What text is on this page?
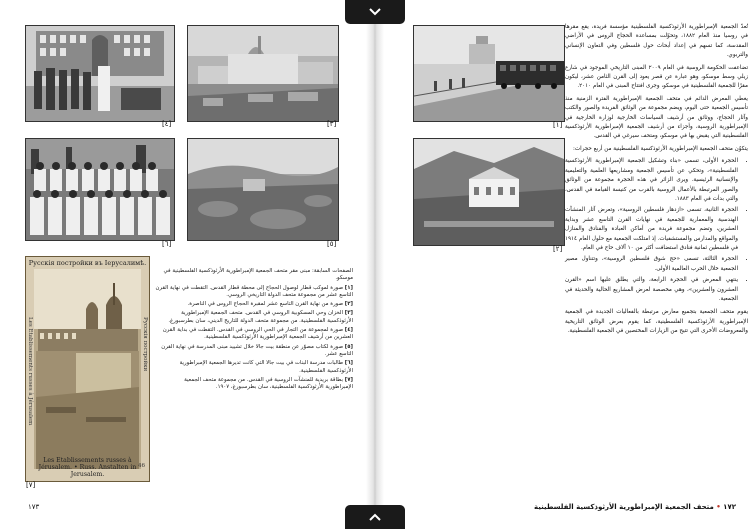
[٤]	[٣]
[٦]	[٥]
Русскія постройки въ Іерусалимѣ.
Les Etablissements russes à Jérusalem	Русскія постройки
Les Etablissements russes à Jérusalem. • Russ. Anstalten in Jerusalem.
46
[٧]

الصفحات السابقة: مبنى مقر متحف الجمعية الإمبراطورية الأرثوذكسية الفلسطينية في موسكو.

[١] صورة لموكب قطار لوصول الحجاج إلى محطة قطار القدس. التقطت في نهاية القرن التاسع عشر من مجموعة متحف الدولة التاريخي الروسي.

[٢] صورة من نهاية القرن التاسع عشر لمقبرة الحجاج الروس في الناصرة.

[٣] الخزان وحي المسكوبية الروسي في القدس. متحف الجمعية الإمبراطورية الأرثوذكسية الفلسطينية. من مجموعة متحف الدولة للتاريخ الديني، سان بطرسبورغ.

[٤] صورة لمجموعة من التجار في الحي الروسي في القدس. التقطت في بداية القرن العشرين من أرشيف الجمعية الإمبراطورية الأرثوذكسية الفلسطينية.

[٥] صورة لكتاب مصوّر عن منطقة بيت جالا خلال تشييد مبنى المدرسة في نهاية القرن التاسع عشر.

[٦] طالبات مدرسة البنات في بيت جالا التي كانت تديرها الجمعية الإمبراطورية الأرثوذكسية الفلسطينية.

[٧] بطاقة بريدية للمنشآت الروسية في القدس. من مجموعة متحف الجمعية الإمبراطورية الأرثوذكسية الفلسطينية، سان بطرسبورغ، ١٩٠٧.

١٧٣
[١]
[٢]

تُعدّ الجمعية الإمبراطورية الأرثوذكسية الفلسطينية مؤسسة فريدة، يقع مقرها في روسيا منذ العام ١٨٨٢، وتحوّلت بمساعدة الحجاج الروس في الأراضي المقدسة، كما تسهم في إعداد أبحاث حول فلسطين وفي التعاون الإنساني والتربوي.

تضاعفت الحكومة الروسية في العام ٢٠٠٩ المبنى التاريخي الموجود في شارع زيلي وسط موسكو، وهو عبارة عن قصر يعود إلى القرن الثامن عشر، ليكون مقرًا للجمعية الفلسطينية في موسكو، وجرى افتتاح المبنى في العام ٢٠١٠.

يغطي المعرض الدائم في متحف الجمعية الإمبراطورية الفترة الزمنية منذ تأسيس الجمعية حتى اليوم، ويضم مجموعة من الوثائق الفريدة والصور والكتب وآثار الحجاج، ووثائق من أرشيف السياسات الخارجية لوزارة الخارجية في الإمبراطورية الروسية، وأجزاء من أرشيف الجمعية الإمبراطورية الأرثوذكسية الفلسطينية التي يقبض بها في موسكو، ومتحف سيرغي في القدس.

يتكوّن متحف الجمعية الإمبراطورية الأرثوذكسية الفلسطينية من أربع حجرات:

• الحجرة الأولى، تسمى «بناء وتشكيل الجمعية الإمبراطورية الأرثوذكسية الفلسطينية»، وتحكي عن تأسيس الجمعية ومشاريعها العلمية والتعليمية والإنسانية الرئيسية. ويرى الزائر في هذه الحجرة مجموعة من الوثائق والصور المرتبطة بالأعمال الروسية بالقرب من كنيسة القيامة في القدس، والتي بدأت في العام ١٨٨٣.
• الحجرة الثانية، تسمى «ازدهار فلسطين الروسية»، وتعرض آثار المنشآت الهندسية والمعمارية للجمعية في نهايات القرن التاسع عشر وبداية العشرين، وتضم مجموعة فريدة من أماكن العبادة والفنادق والمنازل والمواقع والمدارس والمستشفيات. إذ امتلكت الجمعية مع حلول العام ١٩١٤ في فلسطين ثمانية فنادق استضافت أكثر من ١٠ آلاف حاج في العام.
• الحجرة الثالثة، تسمى «حج شوق فلسطين الروسية»، وتتناول مصير الجمعية خلال الحرب العالمية الأولى.
• ينتهي المعرض في الحجرة الرابعة، والتي يطلق عليها اسم «القرن العشرون والعشرين»، وهي مخصصة لعرض المشاريع الحالية والحديثة في الجمعية.

يقوم متحف الجمعية بتجميع معارض مرتبطة بالفعاليات الجديدة في الجمعية الإمبراطورية الأرثوذكسية الفلسطينية، كما يقوم بعرض الوثائق التاريخية والمعروضات الأخرى التي تتيح من الزيارات المختصين في الجمعية الفلسطينية.

١٧٢ • متحف الجمعية الإمبراطورية الأرثوذكسية الفلسطينية
